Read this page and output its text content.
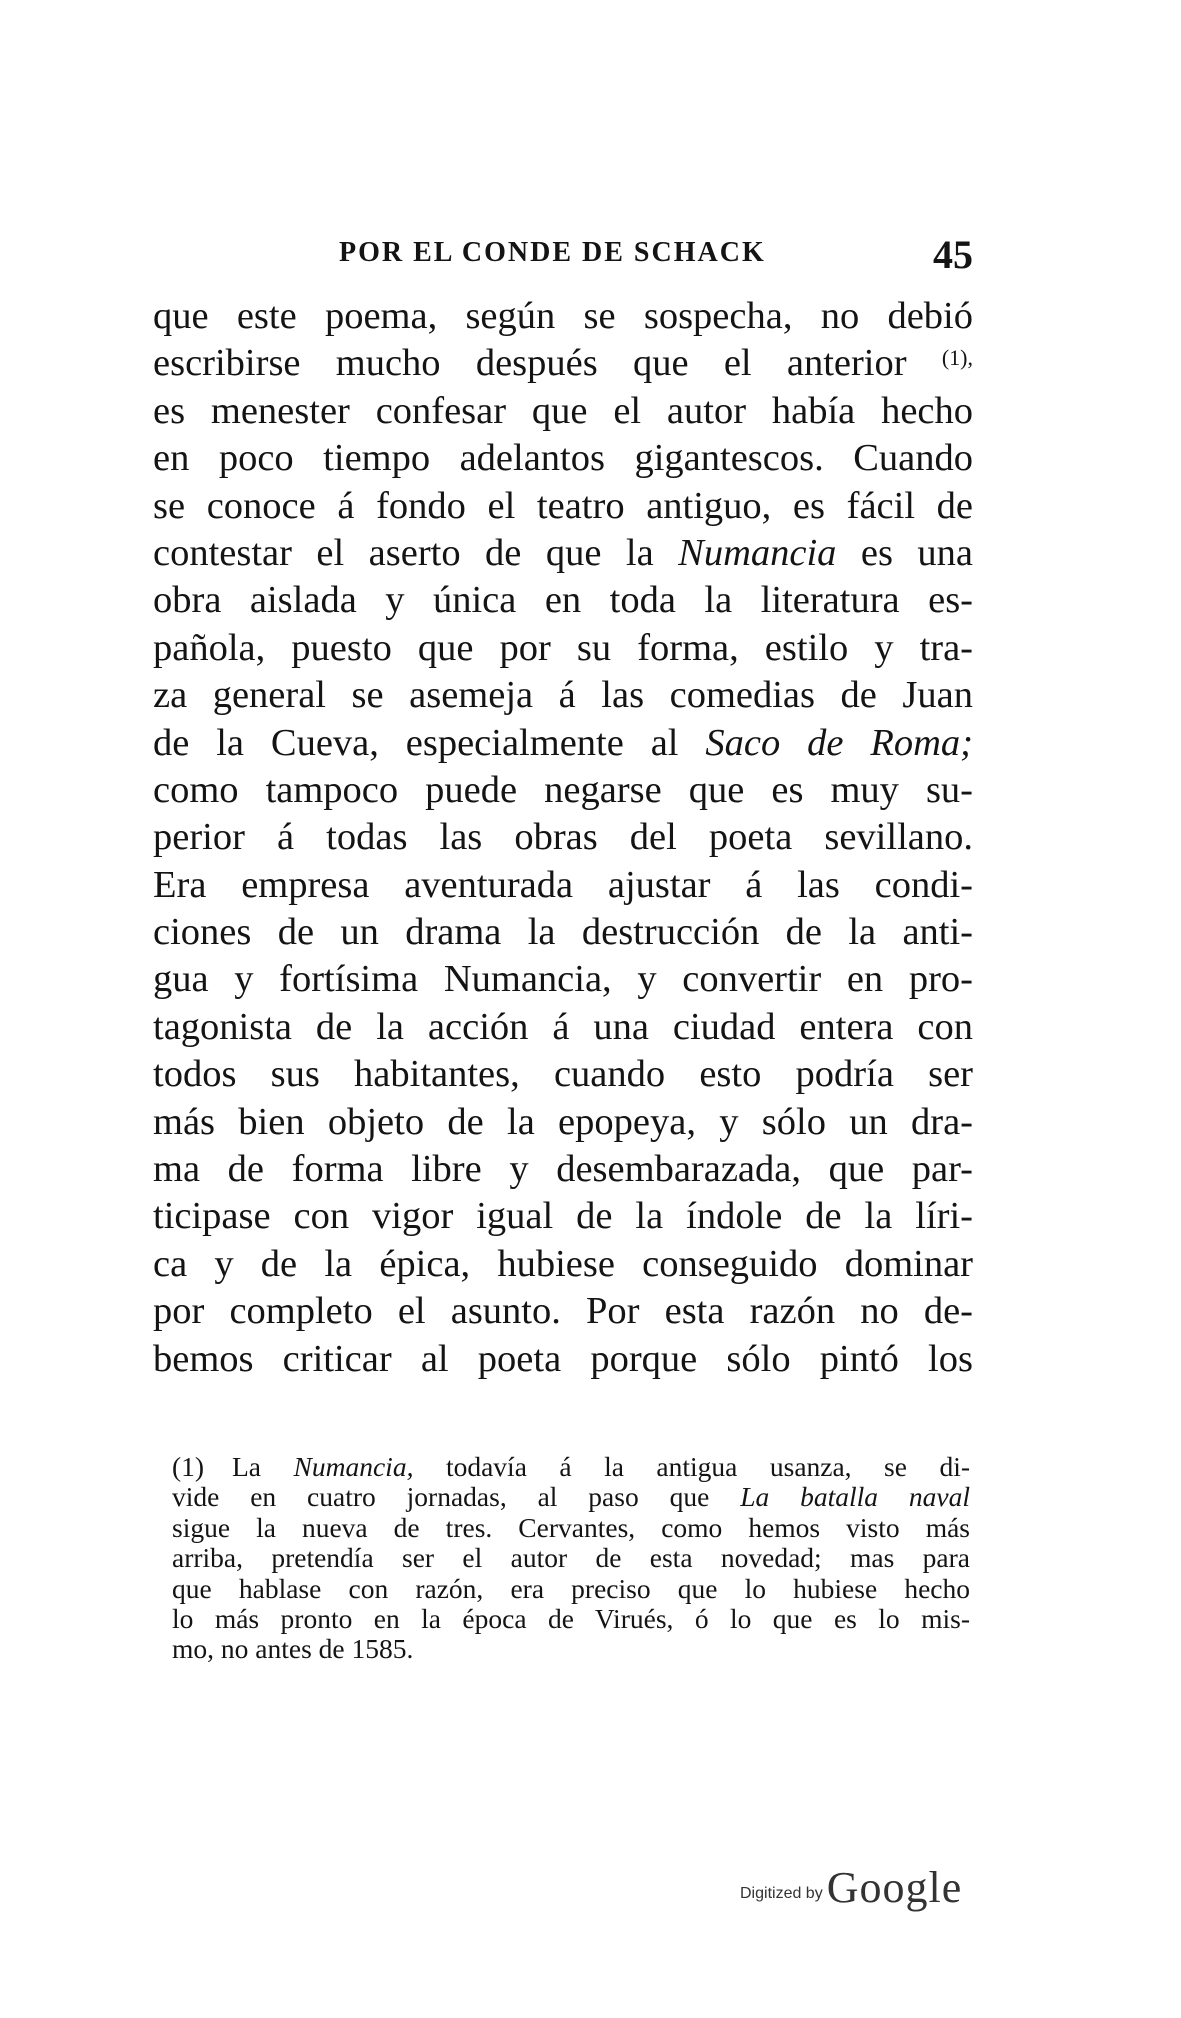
POR EL CONDE DE SCHACK	45
que este poema, según se sospecha, no debió
escribirse mucho después que el anterior $^{(1),}$
es menester confesar que el autor había hecho
en poco tiempo adelantos gigantescos. Cuando
se conoce á fondo el teatro antiguo, es fácil de
contestar el aserto de que la Numancia es una
obra aislada y única en toda la literatura es-
pañola, puesto que por su forma, estilo y tra-
za general se asemeja á las comedias de Juan
de la Cueva, especialmente al Saco de Roma;
como tampoco puede negarse que es muy su-
perior á todas las obras del poeta sevillano.
Era empresa aventurada ajustar á las condi-
ciones de un drama la destrucción de la anti-
gua y fortísima Numancia, y convertir en pro-
tagonista de la acción á una ciudad entera con
todos sus habitantes, cuando esto podría ser
más bien objeto de la epopeya, y sólo un dra-
ma de forma libre y desembarazada, que par-
ticipase con vigor igual de la índole de la líri-
ca y de la épica, hubiese conseguido dominar
por completo el asunto. Por esta razón no de-
bemos criticar al poeta porque sólo pintó los
(1) La Numancia, todavía á la antigua usanza, se di-
vide en cuatro jornadas, al paso que La batalla naval
sigue la nueva de tres. Cervantes, como hemos visto más
arriba, pretendía ser el autor de esta novedad; mas para
que hablase con razón, era preciso que lo hubiese hecho
lo más pronto en la época de Virués, ó lo que es lo mis-
mo, no antes de 1585.
Digitized by Google
